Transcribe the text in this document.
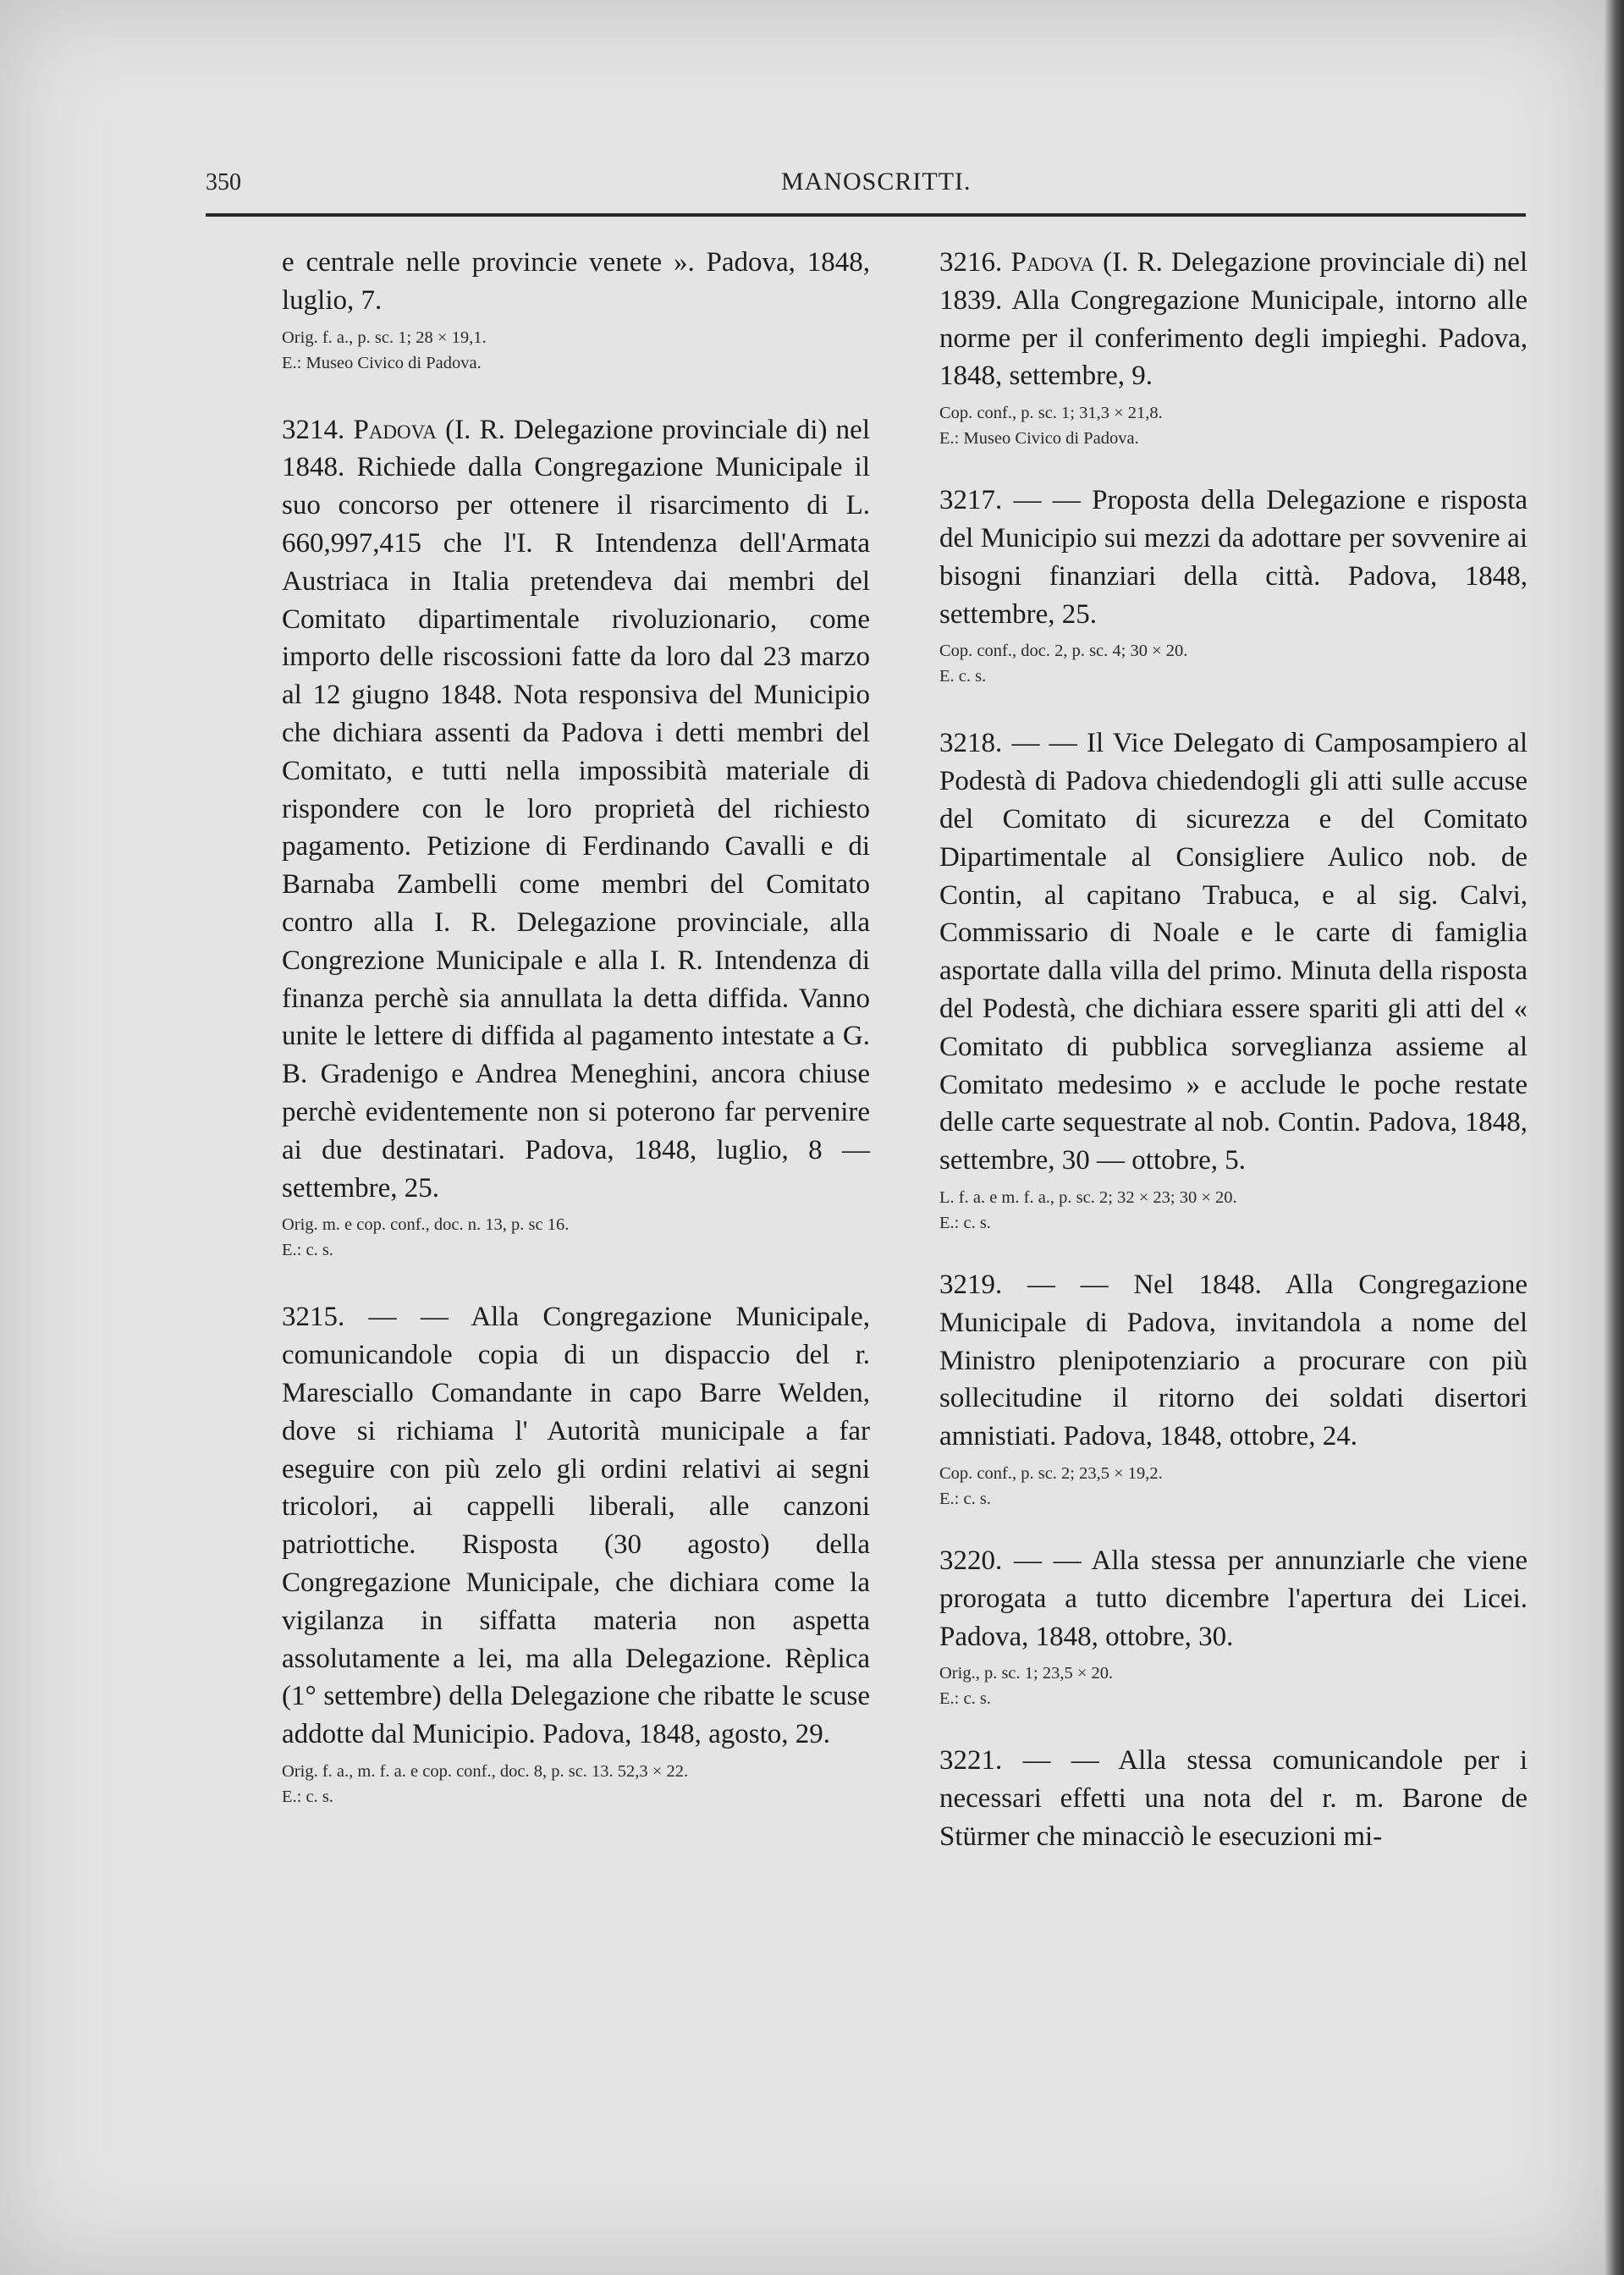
350	MANOSCRITTI.

e centrale nelle provincie venete ». Padova, 1848, luglio, 7.

Orig. f. a., p. sc. 1; 28 × 19,1.
E.: Museo Civico di Padova.

3214. Padova (I. R. Delegazione provinciale di) nel 1848. Richiede dalla Congregazione Municipale il suo concorso per ottenere il risarcimento di L. 660,997,415 che l'I. R Intendenza dell'Armata Austriaca in Italia pretendeva dai membri del Comitato dipartimentale rivoluzionario, come importo delle riscossioni fatte da loro dal 23 marzo al 12 giugno 1848. Nota responsiva del Municipio che dichiara assenti da Padova i detti membri del Comitato, e tutti nella impossibità materiale di rispondere con le loro proprietà del richiesto pagamento. Petizione di Ferdinando Cavalli e di Barnaba Zambelli come membri del Comitato contro alla I. R. Delegazione provinciale, alla Congrezione Municipale e alla I. R. Intendenza di finanza perchè sia annullata la detta diffida. Vanno unite le lettere di diffida al pagamento intestate a G. B. Gradenigo e Andrea Meneghini, ancora chiuse perchè evidentemente non si poterono far pervenire ai due destinatari. Padova, 1848, luglio, 8 — settembre, 25.

Orig. m. e cop. conf., doc. n. 13, p. sc 16.
E.: c. s.

3215. — — Alla Congregazione Municipale, comunicandole copia di un dispaccio del r. Maresciallo Comandante in capo Barre Welden, dove si richiama l' Autorità municipale a far eseguire con più zelo gli ordini relativi ai segni tricolori, ai cappelli liberali, alle canzoni patriottiche. Risposta (30 agosto) della Congregazione Municipale, che dichiara come la vigilanza in siffatta materia non aspetta assolutamente a lei, ma alla Delegazione. Rèplica (1° settembre) della Delegazione che ribatte le scuse addotte dal Municipio. Padova, 1848, agosto, 29.

Orig. f. a., m. f. a. e cop. conf., doc. 8, p. sc. 13. 52,3 × 22.
E.: c. s.

3216. Padova (I. R. Delegazione provinciale di) nel 1839. Alla Congregazione Municipale, intorno alle norme per il conferimento degli impieghi. Padova, 1848, settembre, 9.

Cop. conf., p. sc. 1; 31,3 × 21,8.
E.: Museo Civico di Padova.

3217. — — Proposta della Delegazione e risposta del Municipio sui mezzi da adottare per sovvenire ai bisogni finanziari della città. Padova, 1848, settembre, 25.

Cop. conf., doc. 2, p. sc. 4; 30 × 20.
E. c. s.

3218. — — Il Vice Delegato di Camposampiero al Podestà di Padova chiedendogli gli atti sulle accuse del Comitato di sicurezza e del Comitato Dipartimentale al Consigliere Aulico nob. de Contin, al capitano Trabuca, e al sig. Calvi, Commissario di Noale e le carte di famiglia asportate dalla villa del primo. Minuta della risposta del Podestà, che dichiara essere spariti gli atti del « Comitato di pubblica sorveglianza assieme al Comitato medesimo » e acclude le poche restate delle carte sequestrate al nob. Contin. Padova, 1848, settembre, 30 — ottobre, 5.

L. f. a. e m. f. a., p. sc. 2; 32 × 23; 30 × 20.
E.: c. s.

3219. — — Nel 1848. Alla Congregazione Municipale di Padova, invitandola a nome del Ministro plenipotenziario a procurare con più sollecitudine il ritorno dei soldati disertori amnistiati. Padova, 1848, ottobre, 24.

Cop. conf., p. sc. 2; 23,5 × 19,2.
E.: c. s.

3220. — — Alla stessa per annunziarle che viene prorogata a tutto dicembre l'apertura dei Licei. Padova, 1848, ottobre, 30.

Orig., p. sc. 1; 23,5 × 20.
E.: c. s.

3221. — — Alla stessa comunicandole per i necessari effetti una nota del r. m. Barone de Stürmer che minacciò le esecuzioni mi-
